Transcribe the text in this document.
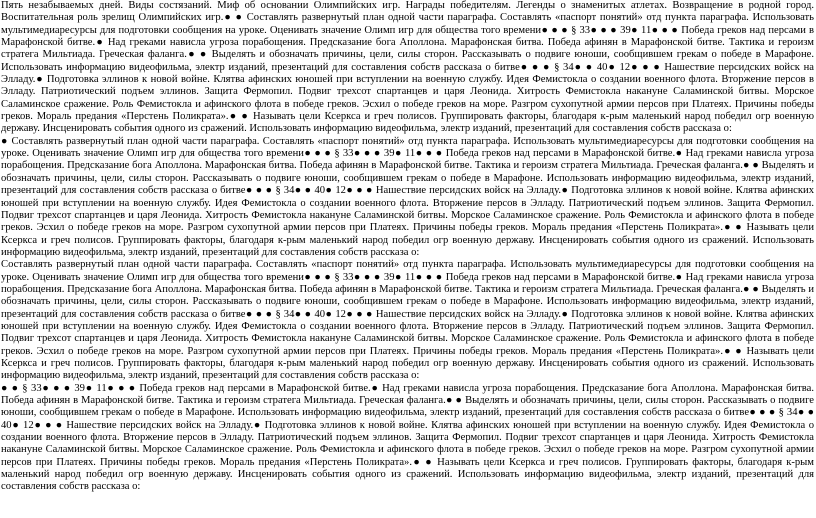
Пять незабываемых дней. Виды состязаний. Миф об основании Олимпийских игр. Награды победителям. Легенды о знаменитых атлетах. Возвращение в родной город. Воспитательная роль зрелищ Олимпийских игр.● ● Составлять развернутый план одной части параграфа. Составлять «паспорт понятий» отд пункта параграфа. Использовать мультимедиаресурсы для подготовки сообщения на уроке. Оценивать значение Олимп игр для общества того времени● ● ● § 33● ● ● 39● 11● ● ● Победа греков над персами в Марафонской битве.● Над греками нависла угроза порабощения. Предсказание бога Аполлона. Марафонская битва. Победа афинян в Марафонской битве. Тактика и героизм стратега Мильтиада. Греческая фаланга.● ● Выделять и обозначать причины, цели, силы сторон. Рассказывать о подвиге юноши, сообщившем грекам о победе в Марафоне. Использовать информацию видеофильма, электр изданий, презентаций для составления собств рассказа о битве● ● ● § 34● ● 40● 12● ● ● Нашествие персидских войск на Элладу.● Подготовка эллинов к новой войне. Клятва афинских юношей при вступлении на военную службу. Идея Фемистокла о создании военного флота. Вторжение персов в Элладу. Патриотический подъем эллинов. Защита Фермопил. Подвиг трехсот спартанцев и царя Леонида. Хитрость Фемистокла накануне Саламинской битвы. Морское Саламинское сражение. Роль Фемистокла и афинского флота в победе греков. Эсхил о победе греков на море. Разгром сухопутной армии персов при Платеях. Причины победы греков. Мораль предания «Перстень Поликрата».● ● Называть цели Ксеркса и греч полисов. Группировать факторы, благодаря к-рым маленький народ победил огр военную державу. Инсценировать события одного из сражений. Использовать информацию видеофильма, электр изданий, презентаций для составления собств рассказа о:
● Составлять развернутый план одной части параграфа. Составлять «паспорт понятий» отд пункта параграфа. Использовать мультимедиаресурсы для подготовки сообщения на уроке. Оценивать значение Олимп игр для общества того времени● ● ● § 33● ● ● 39● 11● ● ● Победа греков над персами в Марафонской битве.● Над греками нависла угроза порабощения. Предсказание бога Аполлона. Марафонская битва. Победа афинян в Марафонской битве. Тактика и героизм стратега Мильтиада. Греческая фаланга.● ● Выделять и обозначать причины, цели, силы сторон. Рассказывать о подвиге юноши, сообщившем грекам о победе в Марафоне. Использовать информацию видеофильма, электр изданий, презентаций для составления собств рассказа о битве● ● ● § 34● ● 40● 12● ● ● Нашествие персидских войск на Элладу.● Подготовка эллинов к новой войне. Клятва афинских юношей при вступлении на военную службу. Идея Фемистокла о создании военного флота. Вторжение персов в Элладу. Патриотический подъем эллинов. Защита Фермопил. Подвиг трехсот спартанцев и царя Леонида. Хитрость Фемистокла накануне Саламинской битвы. Морское Саламинское сражение. Роль Фемистокла и афинского флота в победе греков. Эсхил о победе греков на море. Разгром сухопутной армии персов при Платеях. Причины победы греков. Мораль предания «Перстень Поликрата».● ● Называть цели Ксеркса и греч полисов. Группировать факторы, благодаря к-рым маленький народ победил огр военную державу. Инсценировать события одного из сражений. Использовать информацию видеофильма, электр изданий, презентаций для составления собств рассказа о:
Составлять развернутый план одной части параграфа. Составлять «паспорт понятий» отд пункта параграфа. Использовать мультимедиаресурсы для подготовки сообщения на уроке. Оценивать значение Олимп игр для общества того времени● ● ● § 33● ● ● 39● 11● ● ● Победа греков над персами в Марафонской битве.● Над греками нависла угроза порабощения. Предсказание бога Аполлона. Марафонская битва. Победа афинян в Марафонской битве. Тактика и героизм стратега Мильтиада. Греческая фаланга.● ● Выделять и обозначать причины, цели, силы сторон. Рассказывать о подвиге юноши, сообщившем грекам о победе в Марафоне. Использовать информацию видеофильма, электр изданий, презентаций для составления собств рассказа о битве● ● ● § 34● ● 40● 12● ● ● Нашествие персидских войск на Элладу.● Подготовка эллинов к новой войне. Клятва афинских юношей при вступлении на военную службу. Идея Фемистокла о создании военного флота. Вторжение персов в Элладу. Патриотический подъем эллинов. Защита Фермопил. Подвиг трехсот спартанцев и царя Леонида. Хитрость Фемистокла накануне Саламинской битвы. Морское Саламинское сражение. Роль Фемистокла и афинского флота в победе греков. Эсхил о победе греков на море. Разгром сухопутной армии персов при Платеях. Причины победы греков. Мораль предания «Перстень Поликрата».● ● Называть цели Ксеркса и греч полисов. Группировать факторы, благодаря к-рым маленький народ победил огр военную державу. Инсценировать события одного из сражений. Использовать информацию видеофильма, электр изданий, презентаций для составления собств рассказа о:
● ● § 33● ● ● 39● 11● ● ● Победа греков над персами в Марафонской битве.● Над греками нависла угроза порабощения. Предсказание бога Аполлона. Марафонская битва. Победа афинян в Марафонской битве. Тактика и героизм стратега Мильтиада. Греческая фаланга.● ● Выделять и обозначать причины, цели, силы сторон. Рассказывать о подвиге юноши, сообщившем грекам о победе в Марафоне. Использовать информацию видеофильма, электр изданий, презентаций для составления собств рассказа о битве● ● ● § 34● ● 40● 12● ● ● Нашествие персидских войск на Элладу.● Подготовка эллинов к новой войне. Клятва афинских юношей при вступлении на военную службу. Идея Фемистокла о создании военного флота. Вторжение персов в Элладу. Патриотический подъем эллинов. Защита Фермопил. Подвиг трехсот спартанцев и царя Леонида. Хитрость Фемистокла накануне Саламинской битвы. Морское Саламинское сражение. Роль Фемистокла и афинского флота в победе греков. Эсхил о победе греков на море. Разгром сухопутной армии персов при Платеях. Причины победы греков. Мораль предания «Перстень Поликрата».● ● Называть цели Ксеркса и греч полисов. Группировать факторы, благодаря к-рым маленький народ победил огр военную державу. Инсценировать события одного из сражений. Использовать информацию видеофильма, электр изданий, презентаций для составления собств рассказа о:
